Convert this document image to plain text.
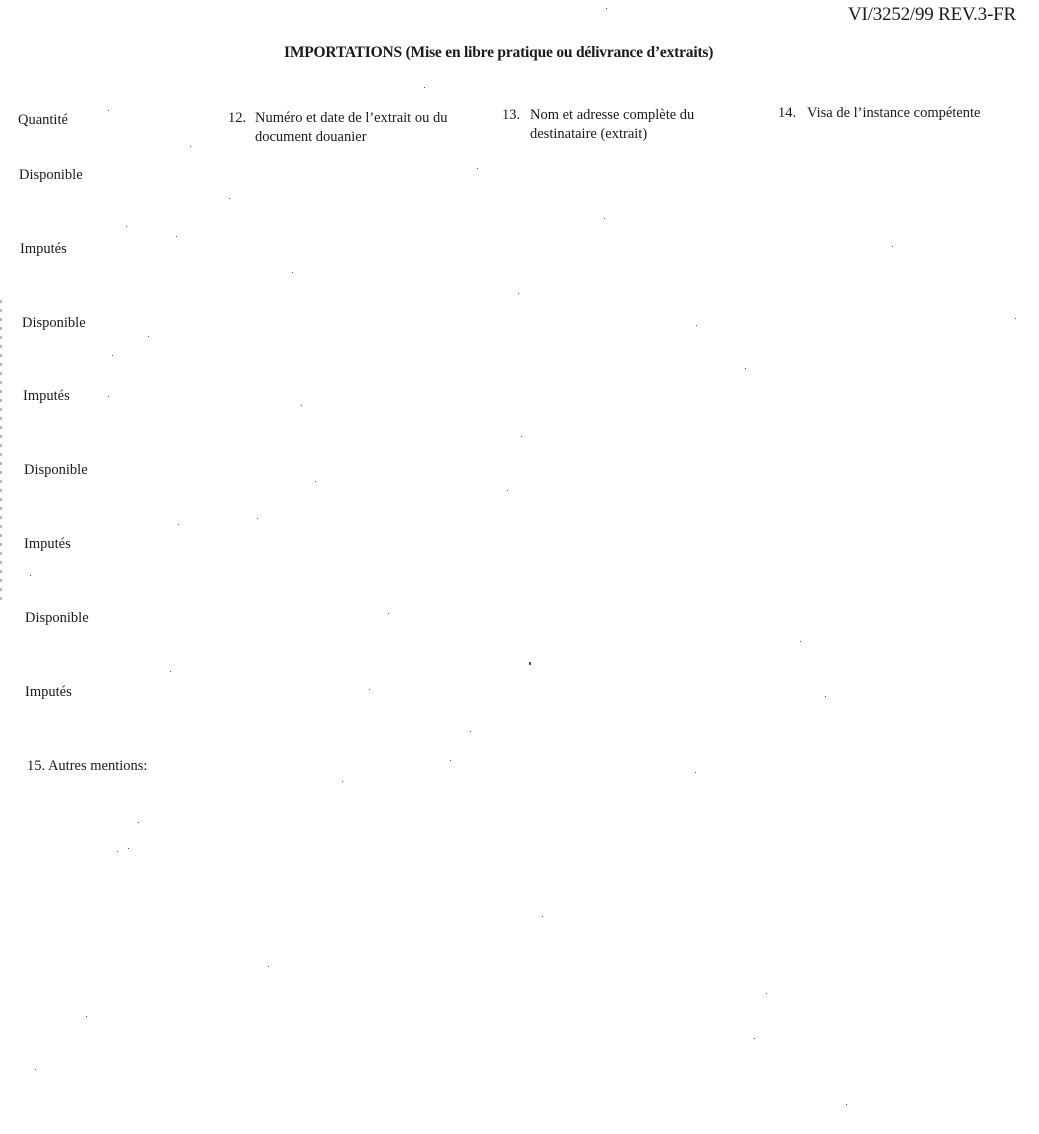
VI/3252/99 REV.3-FR
IMPORTATIONS (Mise en libre pratique ou délivrance d’extraits)
Quantité	12. Numéro et date de l’extrait ou du
document douanier
13. Nom et adresse complète du
destinataire (extrait)
14. Visa de l’instance compétente
Disponible
Imputés
Disponible
Imputés
Disponible
Imputés
Disponible
Imputés
15. Autres mentions:
